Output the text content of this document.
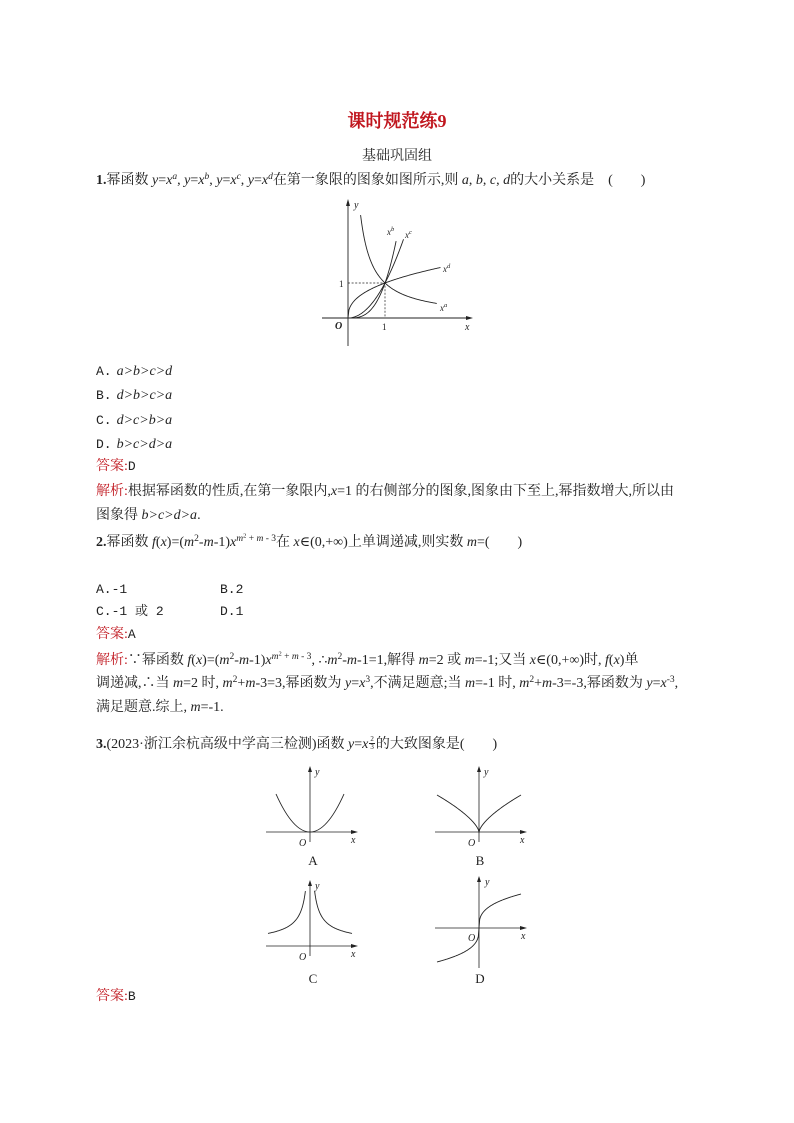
课时规范练9
基础巩固组
1.幂函数 $y=x^a$, $y=x^b$, $y=x^c$, $y=x^d$在第一象限的图象如图所示,则 a, b, c, d的大小关系是　(　　)
y
x
O
1
1
$x^b$
$x^c$
$x^d$
$x^a$
A. a>b>c>d
B. d>b>c>a
C. d>c>b>a
D. b>c>d>a
答案:D
解析:根据幂函数的性质,在第一象限内,x=1 的右侧部分的图象,图象由下至上,幂指数增大,所以由
图象得 b>c>d>a.
2.幂函数 $f(x)=(m^2-m-1)x^{m^2 + m - 3}$在 x∈(0,+∞)上单调递减,则实数 m=(　　)
A.-1	B.2
C.-1 或 2	D.1
答案:A
解析:∵幂函数 $f(x)=(m^2-m-1)x^{m^2 + m - 3}$, $\therefore m^2-m-1=1$,解得 m=2 或 m=-1;又当 x∈(0,+∞)时, f(x)单
调递减,∴当 m=2 时, $m^2+m-3=3$,幂函数为 $y=x^3$,不满足题意;当 m=-1 时, $m^2+m-3=-3$,幂函数为 $y=x^{-3}$,
满足题意.综上, m=-1.
3.(2023·浙江余杭高级中学高三检测)函数 $y=x \frac{2}{3}$ 的大致图象是(　　)
y
x
O
A
y
x
O
B
y
x
O
C
y
x
O
D
答案:B
